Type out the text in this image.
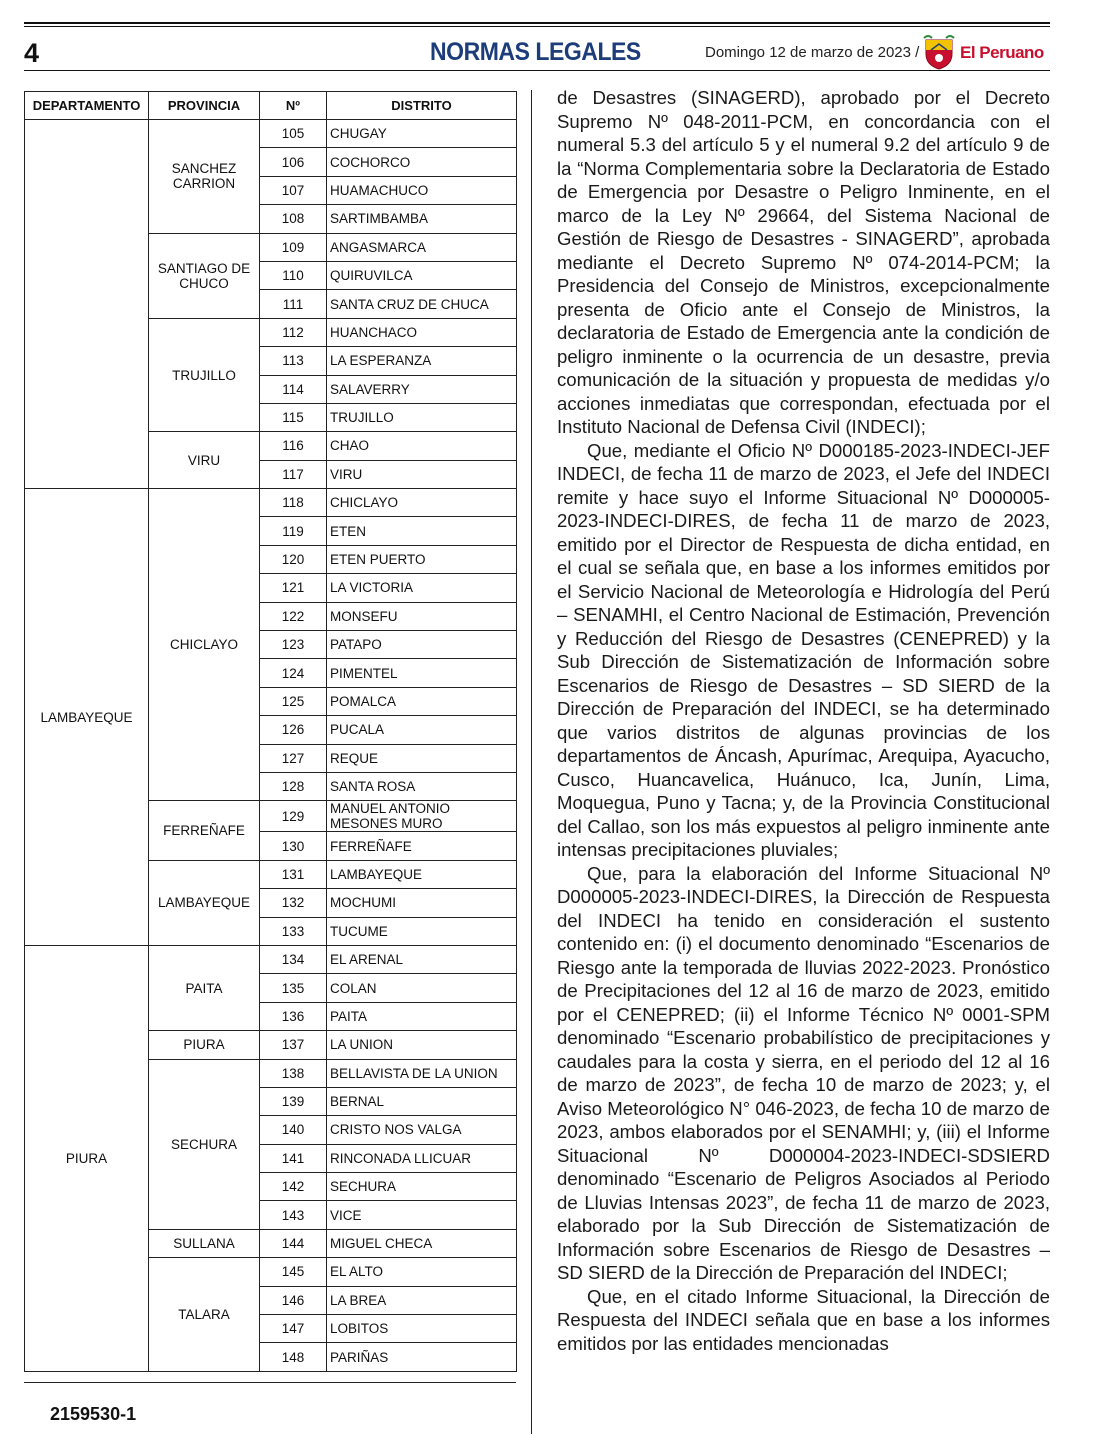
4	NORMAS LEGALES	Domingo 12 de marzo de 2023 / El Peruano
DEPARTAMENTO	PROVINCIA	Nº	DISTRITO
	SANCHEZ CARRION	105	CHUGAY
		106	COCHORCO
		107	HUAMACHUCO
		108	SARTIMBAMBA
	SANTIAGO DE CHUCO	109	ANGASMARCA
		110	QUIRUVILCA
		111	SANTA CRUZ DE CHUCA
	TRUJILLO	112	HUANCHACO
		113	LA ESPERANZA
		114	SALAVERRY
		115	TRUJILLO
	VIRU	116	CHAO
		117	VIRU
LAMBAYEQUE	CHICLAYO	118	CHICLAYO
		119	ETEN
		120	ETEN PUERTO
		121	LA VICTORIA
		122	MONSEFU
		123	PATAPO
		124	PIMENTEL
		125	POMALCA
		126	PUCALA
		127	REQUE
		128	SANTA ROSA
	FERREÑAFE	129	MANUEL ANTONIO MESONES MURO
		130	FERREÑAFE
	LAMBAYEQUE	131	LAMBAYEQUE
		132	MOCHUMI
		133	TUCUME
PIURA	PAITA	134	EL ARENAL
		135	COLAN
		136	PAITA
	PIURA	137	LA UNION
	SECHURA	138	BELLAVISTA DE LA UNION
		139	BERNAL
		140	CRISTO NOS VALGA
		141	RINCONADA LLICUAR
		142	SECHURA
		143	VICE
	SULLANA	144	MIGUEL CHECA
	TALARA	145	EL ALTO
		146	LA BREA
		147	LOBITOS
		148	PARIÑAS
2159530-1

de Desastres (SINAGERD), aprobado por el Decreto Supremo Nº 048-2011-PCM, en concordancia con el numeral 5.3 del artículo 5 y el numeral 9.2 del artículo 9 de la “Norma Complementaria sobre la Declaratoria de Estado de Emergencia por Desastre o Peligro Inminente, en el marco de la Ley Nº 29664, del Sistema Nacional de Gestión de Riesgo de Desastres - SINAGERD”, aprobada mediante el Decreto Supremo Nº 074-2014-PCM; la Presidencia del Consejo de Ministros, excepcionalmente presenta de Oficio ante el Consejo de Ministros, la declaratoria de Estado de Emergencia ante la condición de peligro inminente o la ocurrencia de un desastre, previa comunicación de la situación y propuesta de medidas y/o acciones inmediatas que correspondan, efectuada por el Instituto Nacional de Defensa Civil (INDECI);

Que, mediante el Oficio Nº D000185-2023-INDECI-JEF INDECI, de fecha 11 de marzo de 2023, el Jefe del INDECI remite y hace suyo el Informe Situacional Nº D000005-2023-INDECI-DIRES, de fecha 11 de marzo de 2023, emitido por el Director de Respuesta de dicha entidad, en el cual se señala que, en base a los informes emitidos por el Servicio Nacional de Meteorología e Hidrología del Perú – SENAMHI, el Centro Nacional de Estimación, Prevención y Reducción del Riesgo de Desastres (CENEPRED) y la Sub Dirección de Sistematización de Información sobre Escenarios de Riesgo de Desastres – SD SIERD de la Dirección de Preparación del INDECI, se ha determinado que varios distritos de algunas provincias de los departamentos de Áncash, Apurímac, Arequipa, Ayacucho, Cusco, Huancavelica, Huánuco, Ica, Junín, Lima, Moquegua, Puno y Tacna; y, de la Provincia Constitucional del Callao, son los más expuestos al peligro inminente ante intensas precipitaciones pluviales;

Que, para la elaboración del Informe Situacional Nº D000005-2023-INDECI-DIRES, la Dirección de Respuesta del INDECI ha tenido en consideración el sustento contenido en: (i) el documento denominado “Escenarios de Riesgo ante la temporada de lluvias 2022-2023. Pronóstico de Precipitaciones del 12 al 16 de marzo de 2023, emitido por el CENEPRED; (ii) el Informe Técnico Nº 0001-SPM denominado “Escenario probabilístico de precipitaciones y caudales para la costa y sierra, en el periodo del 12 al 16 de marzo de 2023”, de fecha 10 de marzo de 2023; y, el Aviso Meteorológico N° 046-2023, de fecha 10 de marzo de 2023, ambos elaborados por el SENAMHI; y, (iii) el Informe Situacional Nº D000004-2023-INDECI-SDSIERD denominado “Escenario de Peligros Asociados al Periodo de Lluvias Intensas 2023”, de fecha 11 de marzo de 2023, elaborado por la Sub Dirección de Sistematización de Información sobre Escenarios de Riesgo de Desastres – SD SIERD de la Dirección de Preparación del INDECI;

Que, en el citado Informe Situacional, la Dirección de Respuesta del INDECI señala que en base a los informes emitidos por las entidades mencionadas
